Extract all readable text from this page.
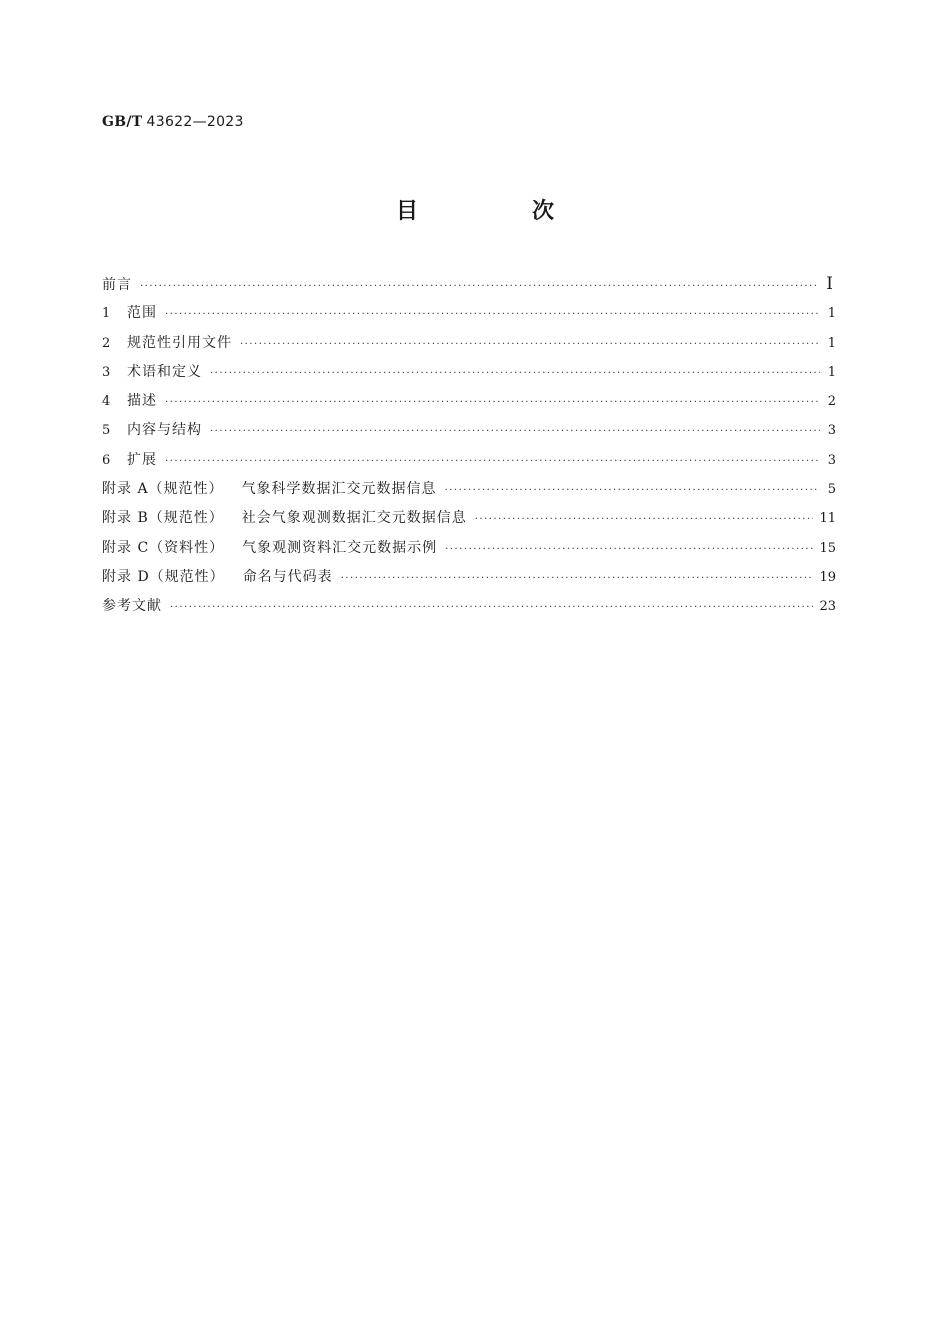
GB/T 43622—2023
目　次
前言 ·····	I
1	范围 ·····	1
2	规范性引用文件 ·····	1
3	术语和定义 ·····	1
4	描述 ·····	2
5	内容与结构 ·····	3
6	扩展 ·····	3
附录 A（规范性） 气象科学数据汇交元数据信息 ·····	5
附录 B（规范性） 社会气象观测数据汇交元数据信息 ·····	11
附录 C（资料性） 气象观测资料汇交元数据示例 ·····	15
附录 D（规范性） 命名与代码表 ·····	19
参考文献 ·····	23
